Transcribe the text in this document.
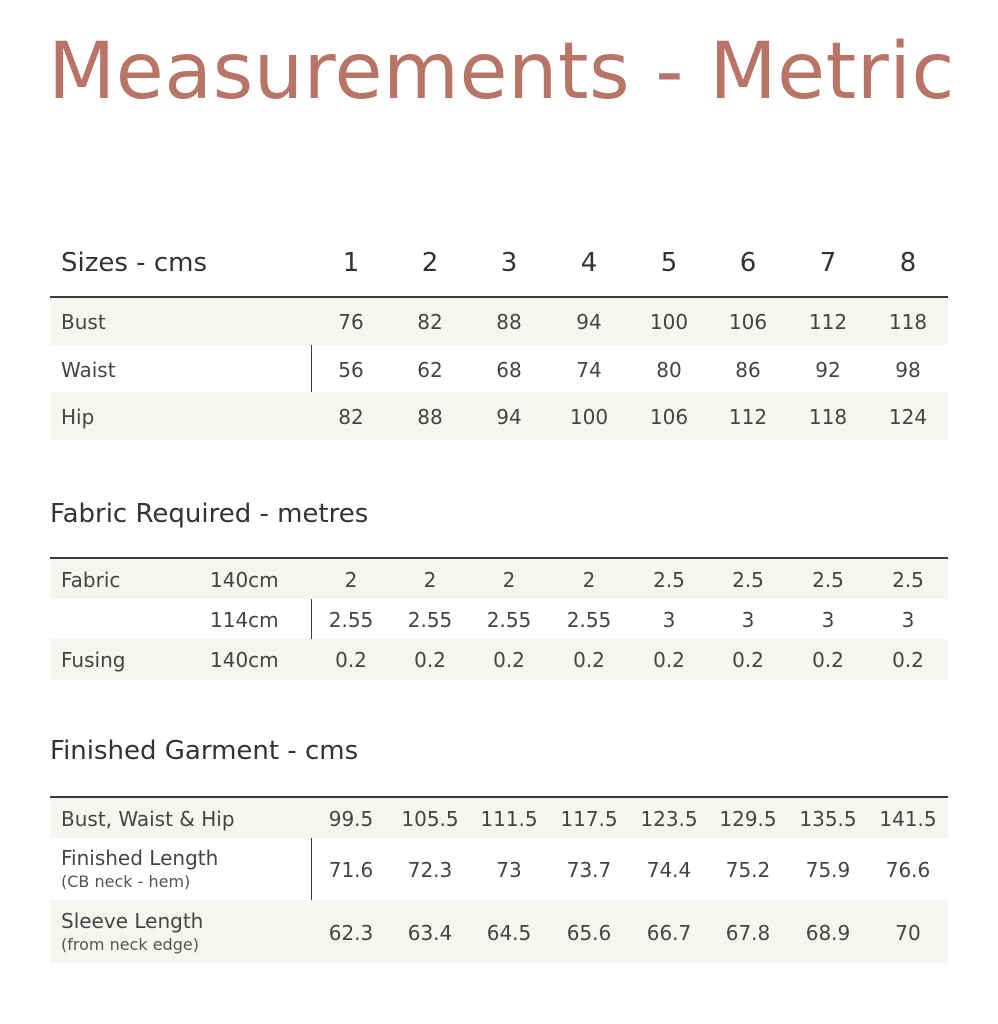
Measurements - Metric
Sizes - cms	1 2 3 4 5 6 7 8
Bust	76	82	88	94 100 106 112 118
Waist	56	62	68	74	80	86	92	98
Hip	82	88	94 100 106 112 118 124
Fabric Required - metres
Fabric	140cm	2	2	2	2	2.5 2.5 2.5 2.5
114cm	2.55 2.55 2.55 2.55	3	3	3	3
Fusing	140cm	0.2 0.2 0.2 0.2 0.2 0.2 0.2 0.2
Finished Garment - cms
Bust, Waist & Hip	99.5 105.5 111.5 117.5 123.5 129.5 135.5 141.5
Finished Length
(CB neck - hem)	71.6 72.3 73 73.7 74.4 75.2 75.9 76.6
Sleeve Length
(from neck edge)	62.3 63.4 64.5 65.6 66.7 67.8 68.9 70
